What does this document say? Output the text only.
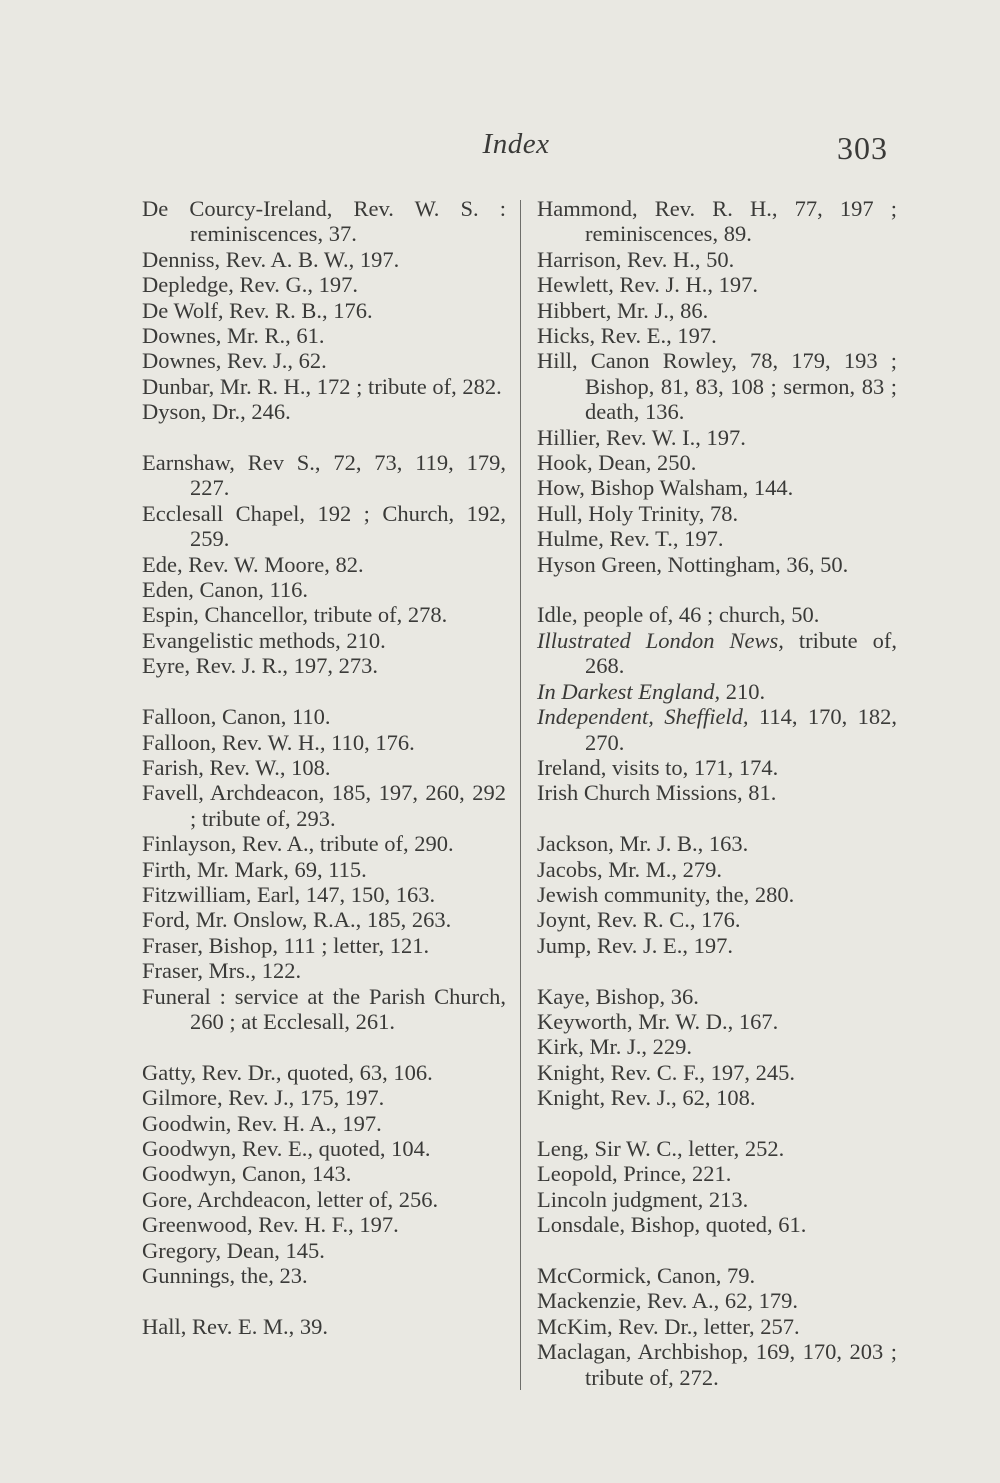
Index	303
De Courcy-Ireland, Rev. W. S. : reminiscences, 37.
Denniss, Rev. A. B. W., 197.
Depledge, Rev. G., 197.
De Wolf, Rev. R. B., 176.
Downes, Mr. R., 61.
Downes, Rev. J., 62.
Dunbar, Mr. R. H., 172 ; tribute of, 282.
Dyson, Dr., 246.
Earnshaw, Rev S., 72, 73, 119, 179, 227.
Ecclesall Chapel, 192 ; Church, 192, 259.
Ede, Rev. W. Moore, 82.
Eden, Canon, 116.
Espin, Chancellor, tribute of, 278.
Evangelistic methods, 210.
Eyre, Rev. J. R., 197, 273.
Falloon, Canon, 110.
Falloon, Rev. W. H., 110, 176.
Farish, Rev. W., 108.
Favell, Archdeacon, 185, 197, 260, 292 ; tribute of, 293.
Finlayson, Rev. A., tribute of, 290.
Firth, Mr. Mark, 69, 115.
Fitzwilliam, Earl, 147, 150, 163.
Ford, Mr. Onslow, R.A., 185, 263.
Fraser, Bishop, 111 ; letter, 121.
Fraser, Mrs., 122.
Funeral : service at the Parish Church, 260 ; at Ecclesall, 261.
Gatty, Rev. Dr., quoted, 63, 106.
Gilmore, Rev. J., 175, 197.
Goodwin, Rev. H. A., 197.
Goodwyn, Rev. E., quoted, 104.
Goodwyn, Canon, 143.
Gore, Archdeacon, letter of, 256.
Greenwood, Rev. H. F., 197.
Gregory, Dean, 145.
Gunnings, the, 23.
Hall, Rev. E. M., 39.
Hammond, Rev. R. H., 77, 197 ; reminiscences, 89.
Harrison, Rev. H., 50.
Hewlett, Rev. J. H., 197.
Hibbert, Mr. J., 86.
Hicks, Rev. E., 197.
Hill, Canon Rowley, 78, 179, 193 ; Bishop, 81, 83, 108 ; sermon, 83 ; death, 136.
Hillier, Rev. W. I., 197.
Hook, Dean, 250.
How, Bishop Walsham, 144.
Hull, Holy Trinity, 78.
Hulme, Rev. T., 197.
Hyson Green, Nottingham, 36, 50.
Idle, people of, 46 ; church, 50.
Illustrated London News, tribute of, 268.
In Darkest England, 210.
Independent, Sheffield, 114, 170, 182, 270.
Ireland, visits to, 171, 174.
Irish Church Missions, 81.
Jackson, Mr. J. B., 163.
Jacobs, Mr. M., 279.
Jewish community, the, 280.
Joynt, Rev. R. C., 176.
Jump, Rev. J. E., 197.
Kaye, Bishop, 36.
Keyworth, Mr. W. D., 167.
Kirk, Mr. J., 229.
Knight, Rev. C. F., 197, 245.
Knight, Rev. J., 62, 108.
Leng, Sir W. C., letter, 252.
Leopold, Prince, 221.
Lincoln judgment, 213.
Lonsdale, Bishop, quoted, 61.
McCormick, Canon, 79.
Mackenzie, Rev. A., 62, 179.
McKim, Rev. Dr., letter, 257.
Maclagan, Archbishop, 169, 170, 203 ; tribute of, 272.
